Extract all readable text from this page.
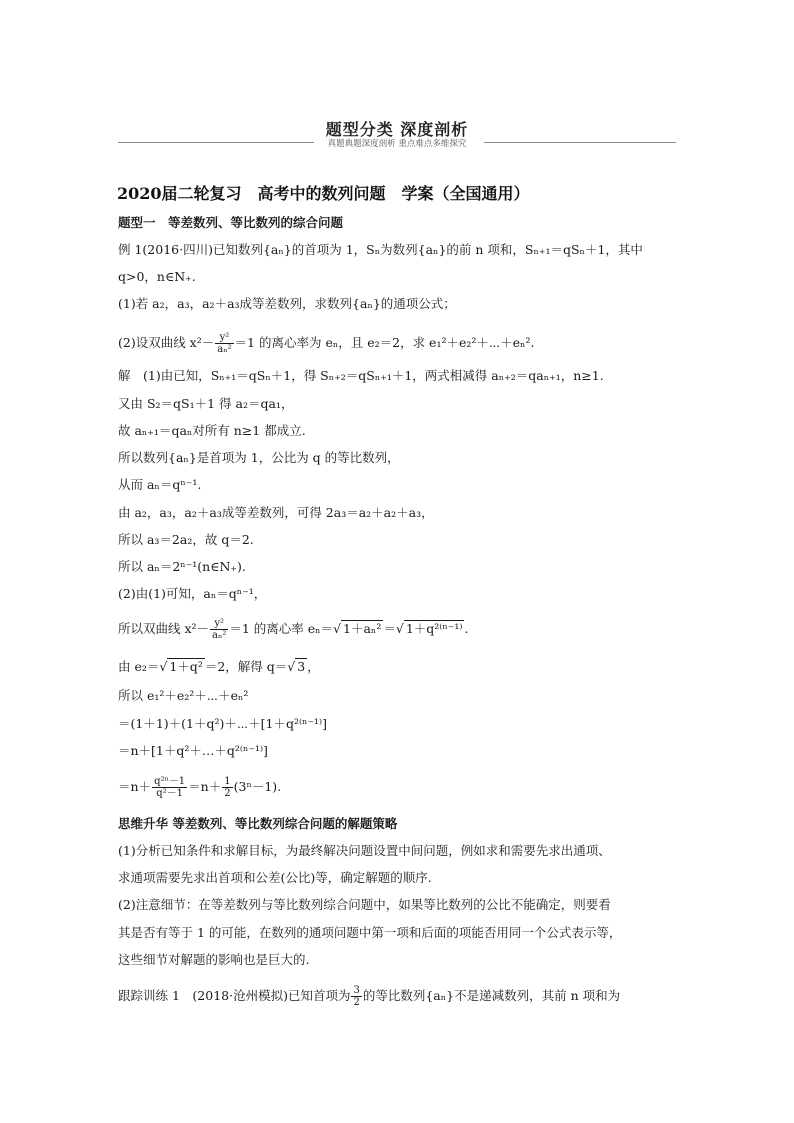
题型分类 深度剖析
真题典题深度剖析 重点难点多维探究
2020届二轮复习　高考中的数列问题　学案（全国通用）
题型一　等差数列、等比数列的综合问题
例 1(2016·四川)已知数列{aₙ}的首项为 1，Sₙ为数列{aₙ}的前 n 项和，Sₙ₊₁＝qSₙ＋1，其中
q>0，n∈N₊.
(1)若 a₂，a₃，a₂＋a₃成等差数列，求数列{aₙ}的通项公式；
(2)设双曲线 $x^2- \frac{\text{y²}}{\text{aₙ²}} =1$ 的离心率为 eₙ，且 e₂＝2，求 e₁²＋e₂²＋⋯＋eₙ².
解　(1)由已知，Sₙ₊₁＝qSₙ＋1，得 Sₙ₊₂＝qSₙ₊₁＋1，两式相减得 aₙ₊₂＝qaₙ₊₁，n≥1.
又由 S₂＝qS₁＋1 得 a₂＝qa₁，
故 aₙ₊₁＝qaₙ对所有 n≥1 都成立.
所以数列{aₙ}是首项为 1，公比为 q 的等比数列，
从而 aₙ＝qⁿ⁻¹.
由 a₂，a₃，a₂＋a₃成等差数列，可得 2a₃＝a₂＋a₂＋a₃，
所以 a₃＝2a₂，故 q＝2.
所以 aₙ＝2ⁿ⁻¹(n∈N₊).
(2)由(1)可知，aₙ＝qⁿ⁻¹，
所以双曲线 $x^2- \frac{\text{y²}}{\text{aₙ²}} =1$ 的离心率 eₙ＝√ 1＋aₙ² ＝√ 1＋q²⁽ⁿ⁻¹⁾ .
由 e₂＝√ 1＋q² ＝2，解得 q＝√ 3 ，
所以 e₁²＋e₂²＋⋯＋eₙ²
＝(1＋1)＋(1＋q²)＋⋯＋[1＋q²⁽ⁿ⁻¹⁾]
＝n＋[1＋q²＋…＋q²⁽ⁿ⁻¹⁾]
$=n+ \frac{\text{q²ⁿ－1}}{\text{q²－1}} =n+ \frac{1}{2} (3^n-1)$.
思维升华 等差数列、等比数列综合问题的解题策略
(1)分析已知条件和求解目标，为最终解决问题设置中间问题，例如求和需要先求出通项、
求通项需要先求出首项和公差(公比)等，确定解题的顺序.
(2)注意细节：在等差数列与等比数列综合问题中，如果等比数列的公比不能确定，则要看
其是否有等于 1 的可能，在数列的通项问题中第一项和后面的项能否用同一个公式表示等，
这些细节对解题的影响也是巨大的.
跟踪训练 1　(2018·沧州模拟)已知首项为 $\frac{3}{2}$ 的等比数列{aₙ}不是递减数列，其前 n 项和为
